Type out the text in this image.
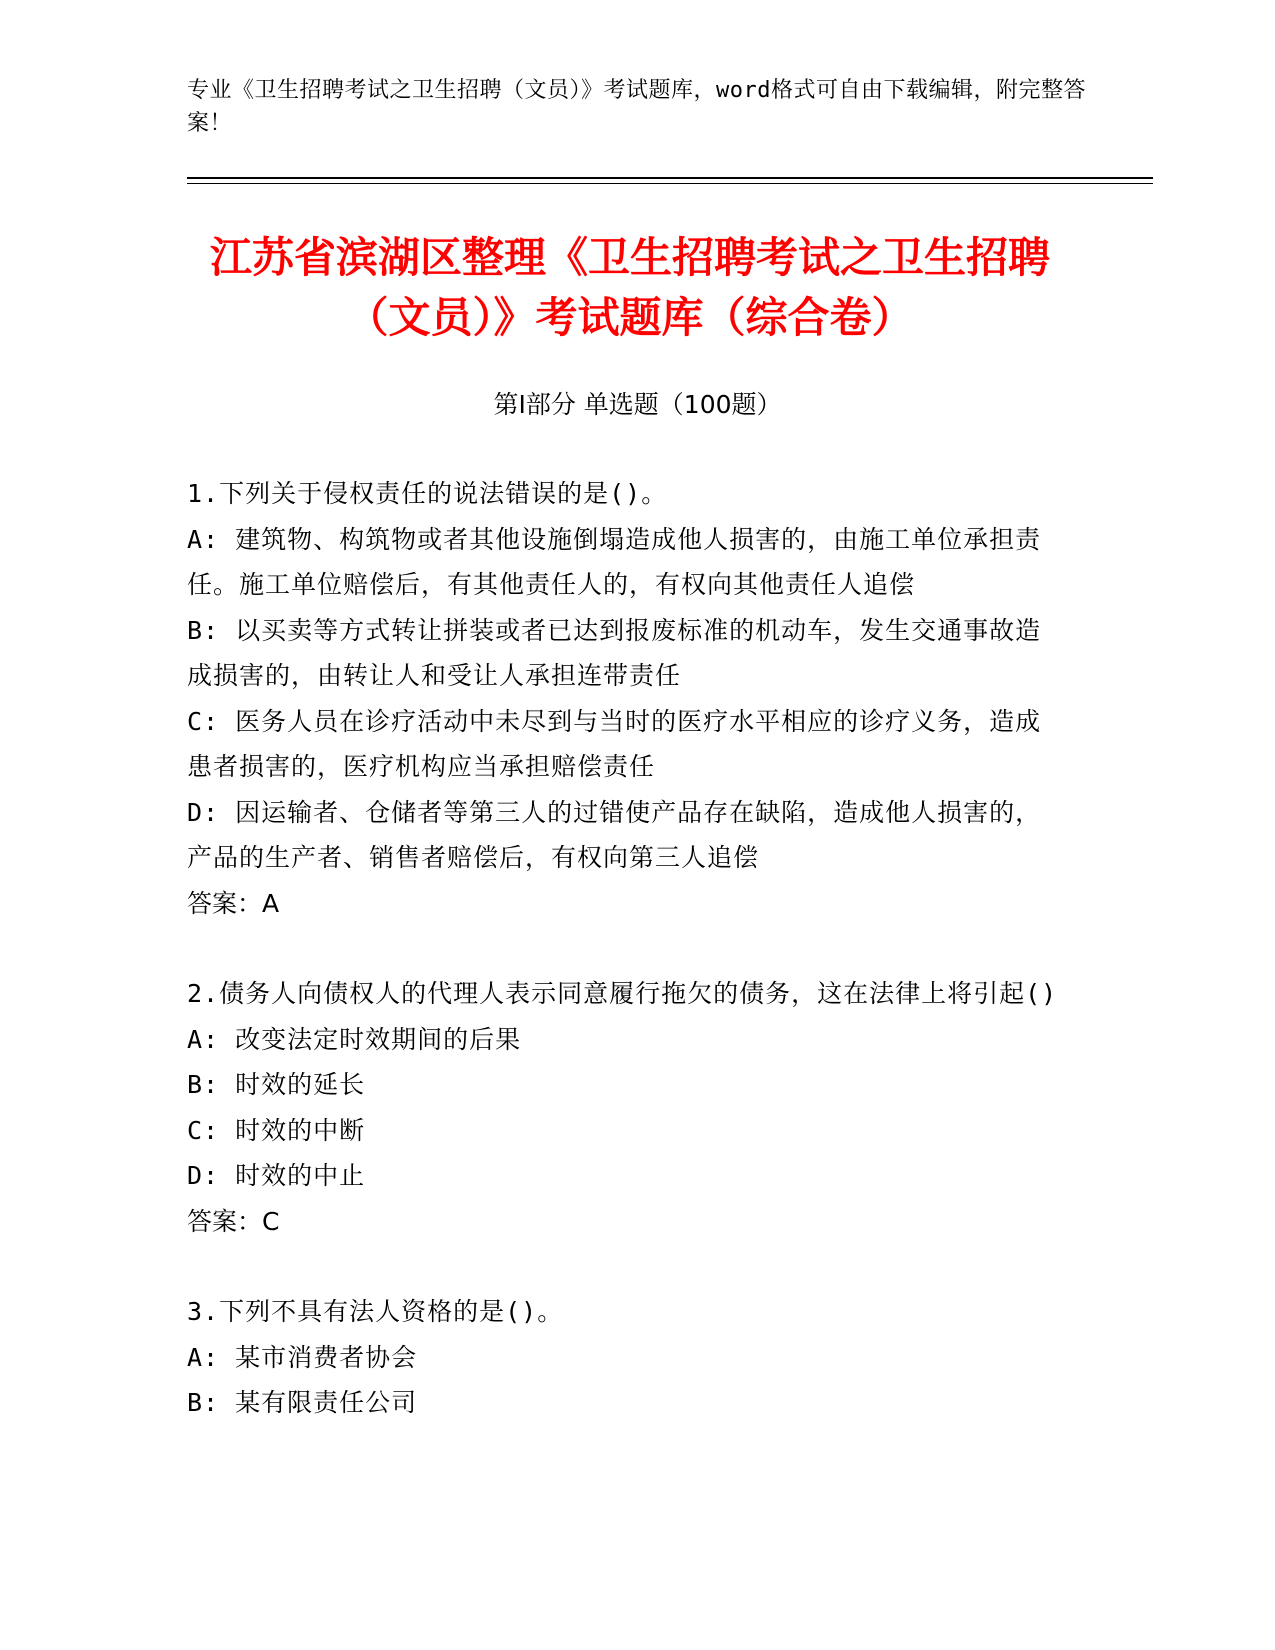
专业《卫生招聘考试之卫生招聘（文员）》考试题库，word格式可自由下载编辑，附完整答案！
江苏省滨湖区整理《卫生招聘考试之卫生招聘（文员）》考试题库（综合卷）
第I部分 单选题（100题）
1.下列关于侵权责任的说法错误的是()。
A: 建筑物、构筑物或者其他设施倒塌造成他人损害的，由施工单位承担责任。施工单位赔偿后，有其他责任人的，有权向其他责任人追偿
B: 以买卖等方式转让拼装或者已达到报废标准的机动车，发生交通事故造成损害的，由转让人和受让人承担连带责任
C: 医务人员在诊疗活动中未尽到与当时的医疗水平相应的诊疗义务，造成患者损害的，医疗机构应当承担赔偿责任
D: 因运输者、仓储者等第三人的过错使产品存在缺陷，造成他人损害的，产品的生产者、销售者赔偿后，有权向第三人追偿
答案：A
2.债务人向债权人的代理人表示同意履行拖欠的债务，这在法律上将引起()
A: 改变法定时效期间的后果
B: 时效的延长
C: 时效的中断
D: 时效的中止
答案：C
3.下列不具有法人资格的是()。
A: 某市消费者协会
B: 某有限责任公司
